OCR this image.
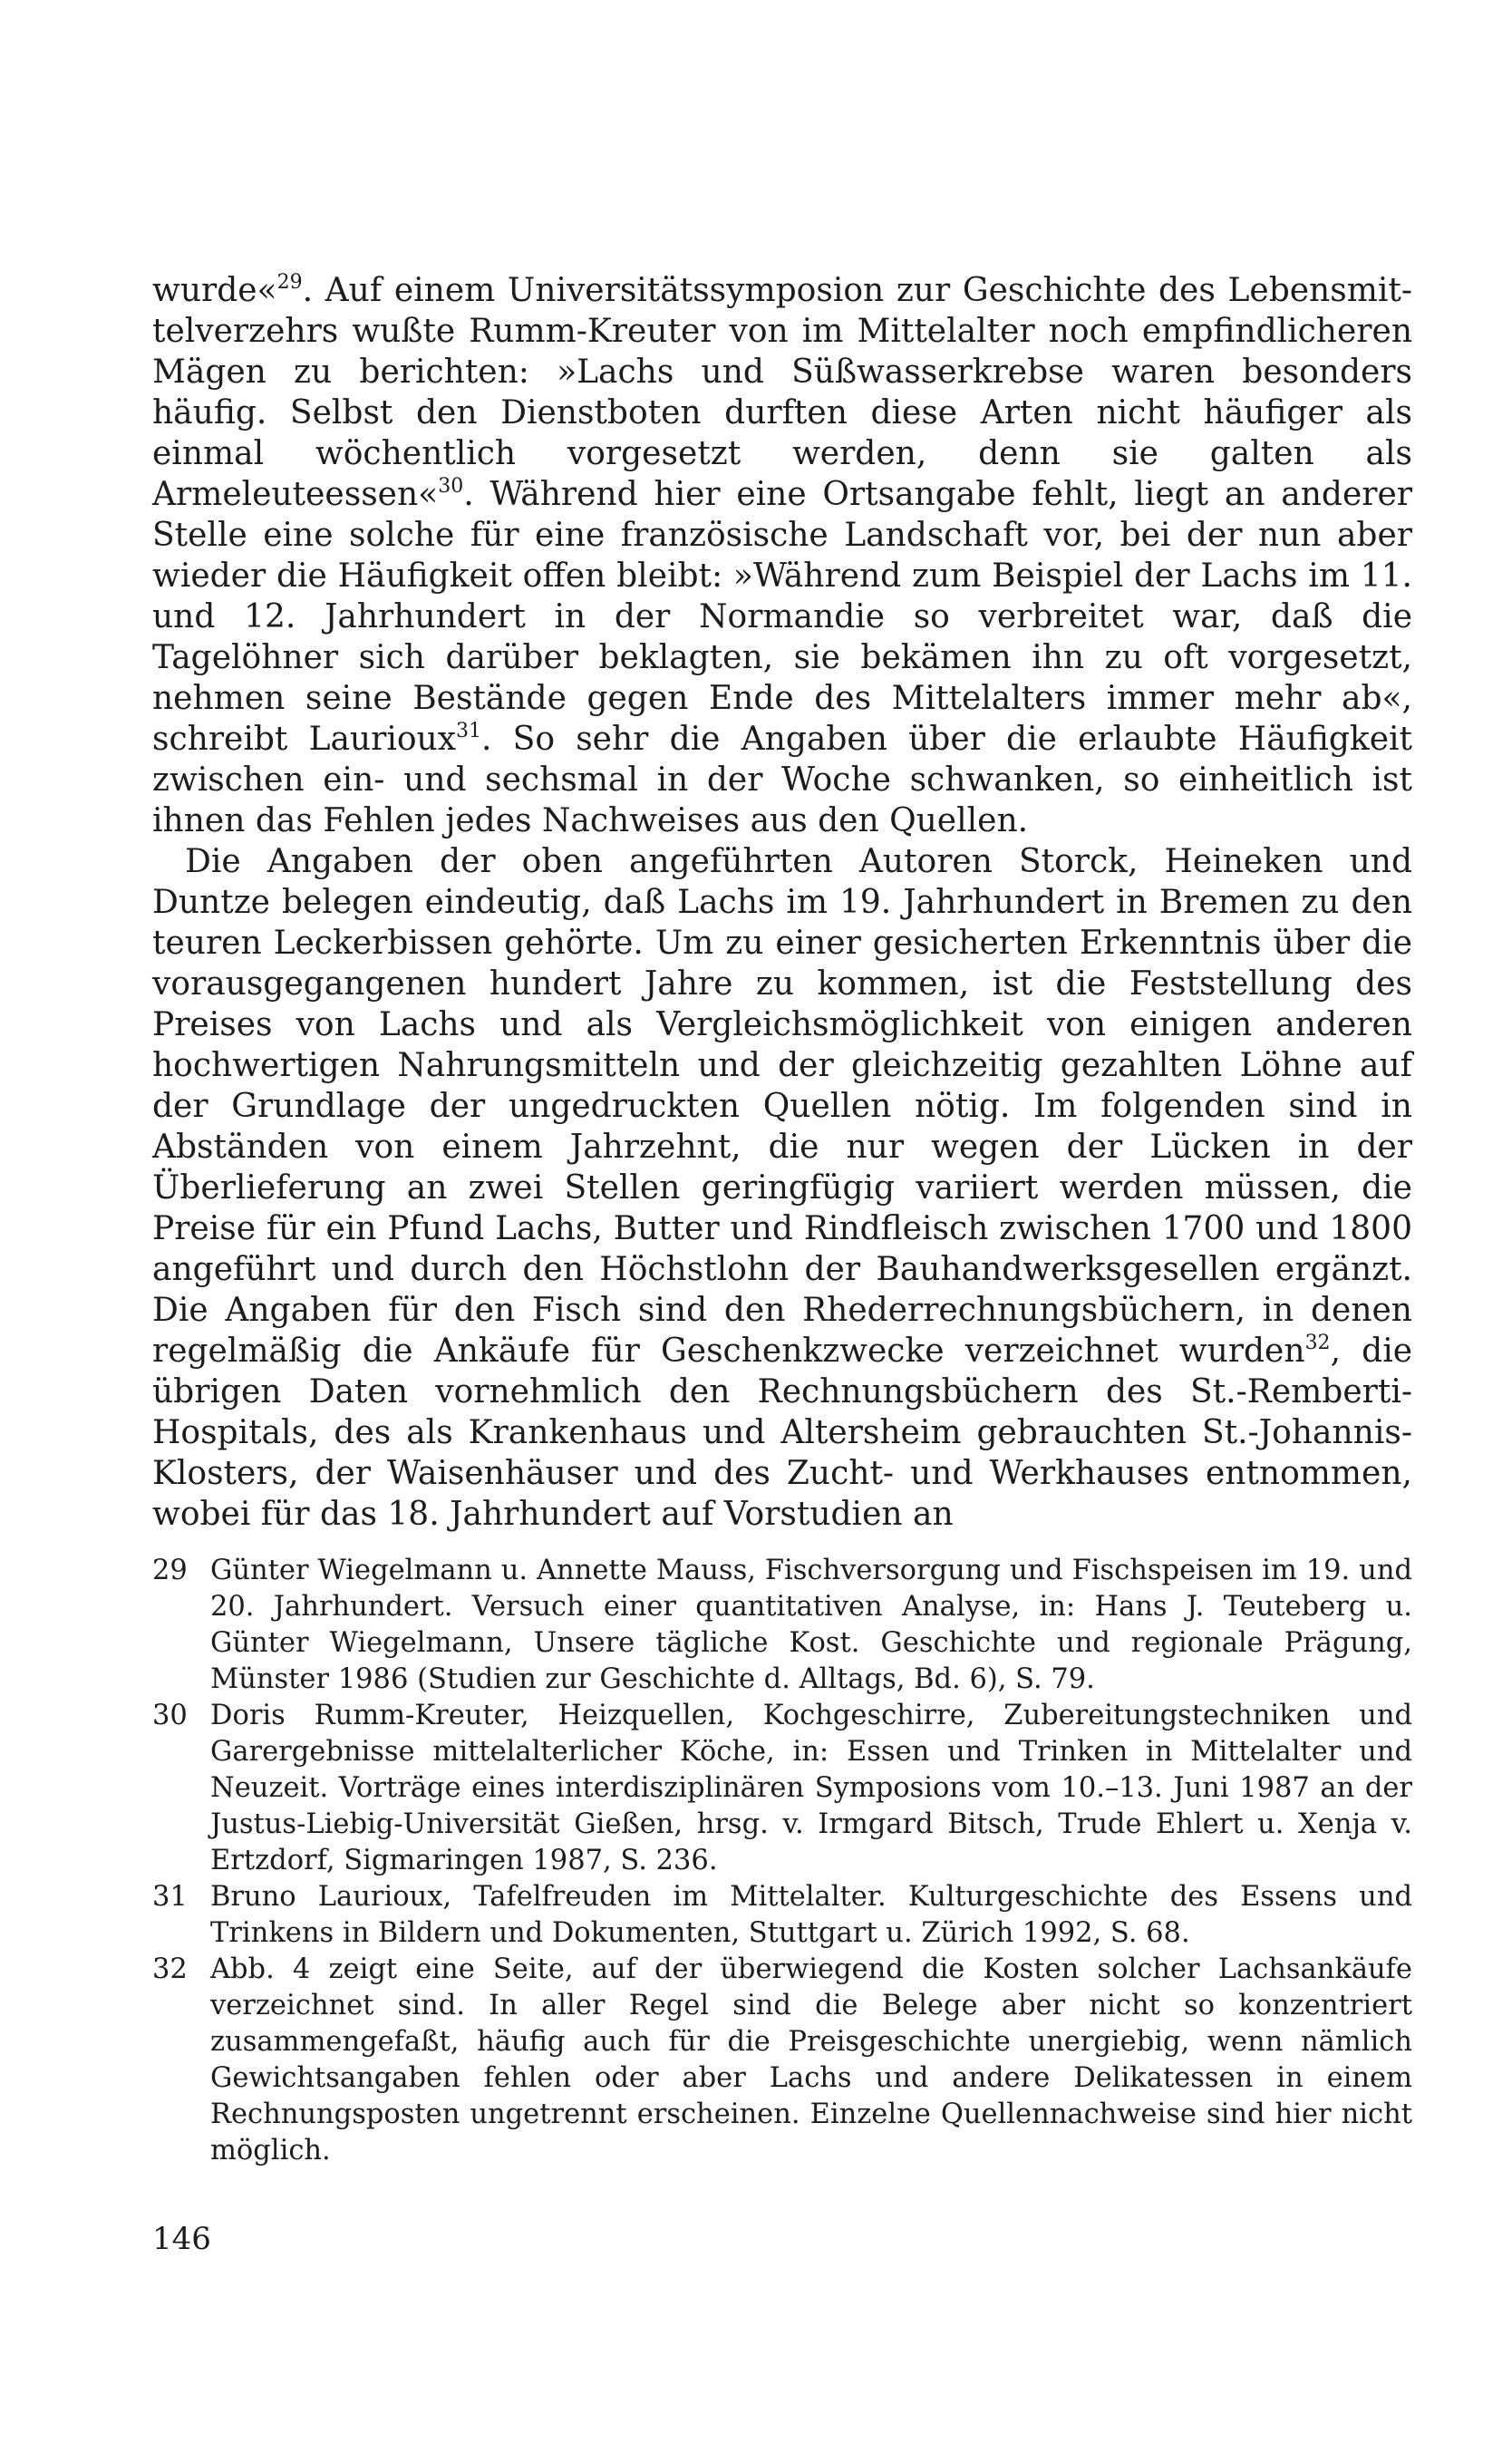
wurde«$^{29}$. Auf einem Universitätssymposion zur Geschichte des Lebensmittelverzehrs wußte Rumm-Kreuter von im Mittelalter noch empfindlicheren Mägen zu berichten: »Lachs und Süßwasserkrebse waren besonders häufig. Selbst den Dienstboten durften diese Arten nicht häufiger als einmal wöchentlich vorgesetzt werden, denn sie galten als Armeleuteessen«$^{30}$. Während hier eine Ortsangabe fehlt, liegt an anderer Stelle eine solche für eine französische Landschaft vor, bei der nun aber wieder die Häufigkeit offen bleibt: »Während zum Beispiel der Lachs im 11. und 12. Jahrhundert in der Normandie so verbreitet war, daß die Tagelöhner sich darüber beklagten, sie bekämen ihn zu oft vorgesetzt, nehmen seine Bestände gegen Ende des Mittelalters immer mehr ab«, schreibt Laurioux$^{31}$. So sehr die Angaben über die erlaubte Häufigkeit zwischen ein- und sechsmal in der Woche schwanken, so einheitlich ist ihnen das Fehlen jedes Nachweises aus den Quellen.

Die Angaben der oben angeführten Autoren Storck, Heineken und Duntze belegen eindeutig, daß Lachs im 19. Jahrhundert in Bremen zu den teuren Leckerbissen gehörte. Um zu einer gesicherten Erkenntnis über die vorausgegangenen hundert Jahre zu kommen, ist die Feststellung des Preises von Lachs und als Vergleichsmöglichkeit von einigen anderen hochwertigen Nahrungsmitteln und der gleichzeitig gezahlten Löhne auf der Grundlage der ungedruckten Quellen nötig. Im folgenden sind in Abständen von einem Jahrzehnt, die nur wegen der Lücken in der Überlieferung an zwei Stellen geringfügig variiert werden müssen, die Preise für ein Pfund Lachs, Butter und Rindfleisch zwischen 1700 und 1800 angeführt und durch den Höchstlohn der Bauhandwerksgesellen ergänzt. Die Angaben für den Fisch sind den Rhederrechnungsbüchern, in denen regelmäßig die Ankäufe für Geschenkzwecke verzeichnet wurden$^{32}$, die übrigen Daten vornehmlich den Rechnungsbüchern des St.-Remberti-Hospitals, des als Krankenhaus und Altersheim gebrauchten St.-Johannis-Klosters, der Waisenhäuser und des Zucht- und Werkhauses entnommen, wobei für das 18. Jahrhundert auf Vorstudien an

29 Günter Wiegelmann u. Annette Mauss, Fischversorgung und Fischspeisen im 19. und 20. Jahrhundert. Versuch einer quantitativen Analyse, in: Hans J. Teuteberg u. Günter Wiegelmann, Unsere tägliche Kost. Geschichte und regionale Prägung, Münster 1986 (Studien zur Geschichte d. Alltags, Bd. 6), S. 79.
30 Doris Rumm-Kreuter, Heizquellen, Kochgeschirre, Zubereitungstechniken und Garergebnisse mittelalterlicher Köche, in: Essen und Trinken in Mittelalter und Neuzeit. Vorträge eines interdisziplinären Symposions vom 10.–13. Juni 1987 an der Justus-Liebig-Universität Gießen, hrsg. v. Irmgard Bitsch, Trude Ehlert u. Xenja v. Ertzdorf, Sigmaringen 1987, S. 236.
31 Bruno Laurioux, Tafelfreuden im Mittelalter. Kulturgeschichte des Essens und Trinkens in Bildern und Dokumenten, Stuttgart u. Zürich 1992, S. 68.
32 Abb. 4 zeigt eine Seite, auf der überwiegend die Kosten solcher Lachsankäufe verzeichnet sind. In aller Regel sind die Belege aber nicht so konzentriert zusammengefaßt, häufig auch für die Preisgeschichte unergiebig, wenn nämlich Gewichtsangaben fehlen oder aber Lachs und andere Delikatessen in einem Rechnungsposten ungetrennt erscheinen. Einzelne Quellennachweise sind hier nicht möglich.
146
